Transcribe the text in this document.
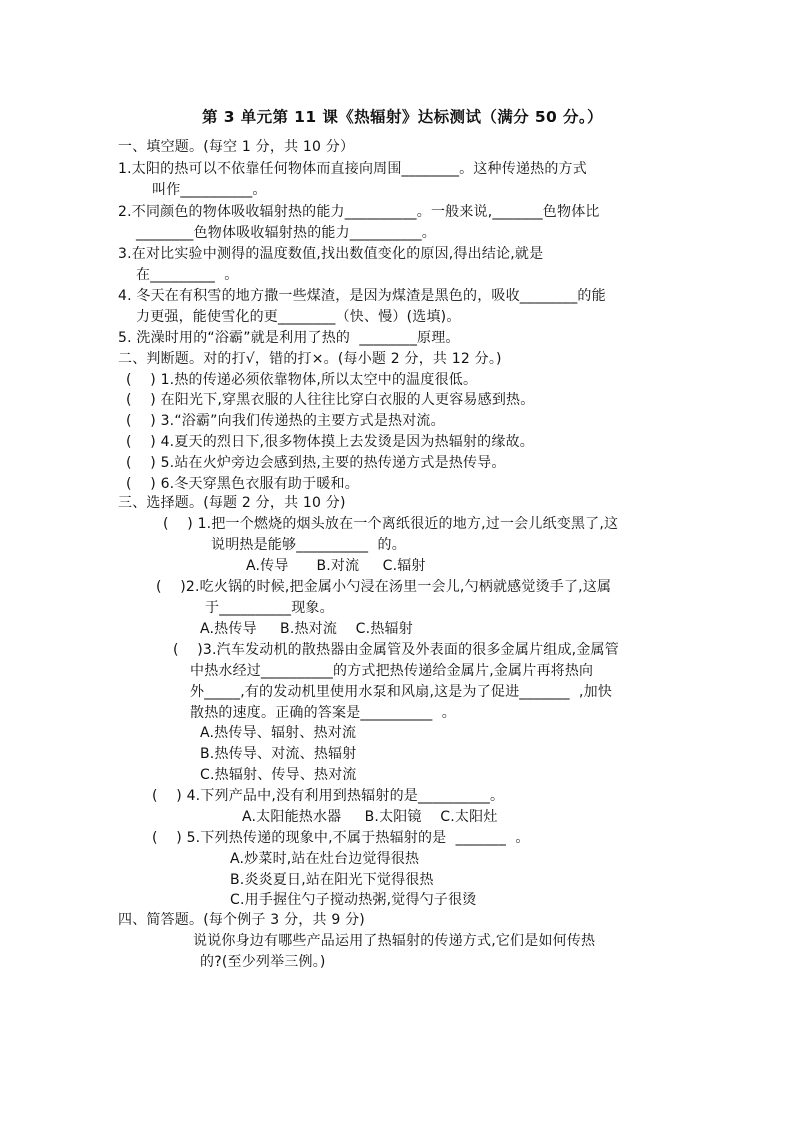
第 3 单元第 11 课《热辐射》达标测试（满分 50 分。）
一、填空题。(每空 1 分，共 10 分）
1.太阳的热可以不依靠任何物体而直接向周围________。这种传递热的方式
叫作__________。
2.不同颜色的物体吸收辐射热的能力__________。一般来说,_______色物体比
________色物体吸收辐射热的能力__________。
3.在对比实验中测得的温度数值,找出数值变化的原因,得出结论,就是
在_________  。
4. 冬天在有积雪的地方撒一些煤渣，是因为煤渣是黑色的，吸收________的能
力更强，能使雪化的更________（快、慢）(选填)。
5. 洗澡时用的“浴霸”就是利用了热的  ________原理。
二、判断题。对的打√，错的打×。(每小题 2 分，共 12 分。)
(    ) 1.热的传递必须依靠物体,所以太空中的温度很低。
(    ) 在阳光下,穿黑衣服的人往往比穿白衣服的人更容易感到热。
(    ) 3.“浴霸”向我们传递热的主要方式是热对流。
(    ) 4.夏天的烈日下,很多物体摸上去发烫是因为热辐射的缘故。
(    ) 5.站在火炉旁边会感到热,主要的热传递方式是热传导。
(    ) 6.冬天穿黑色衣服有助于暖和。
三、选择题。(每题 2 分，共 10 分)
(    ) 1.把一个燃烧的烟头放在一个离纸很近的地方,过一会儿纸变黑了,这
说明热是能够__________  的。
A.传导      B.对流     C.辐射
(    )2.吃火锅的时候,把金属小勺浸在汤里一会儿,勺柄就感觉烫手了,这属
于__________现象。
A.热传导     B.热对流    C.热辐射
(    )3.汽车发动机的散热器由金属管及外表面的很多金属片组成,金属管
中热水经过__________的方式把热传递给金属片,金属片再将热向
外_____,有的发动机里使用水泵和风扇,这是为了促进_______  ,加快
散热的速度。正确的答案是__________  。
A.热传导、辐射、热对流
B.热传导、对流、热辐射
C.热辐射、传导、热对流
(    ) 4.下列产品中,没有利用到热辐射的是__________。
A.太阳能热水器     B.太阳镜    C.太阳灶
(    ) 5.下列热传递的现象中,不属于热辐射的是  _______  。
A.炒菜时,站在灶台边觉得很热
B.炎炎夏日,站在阳光下觉得很热
C.用手握住勺子搅动热粥,觉得勺子很烫
四、简答题。(每个例子 3 分，共 9 分)
说说你身边有哪些产品运用了热辐射的传递方式,它们是如何传热
的?(至少列举三例。)
